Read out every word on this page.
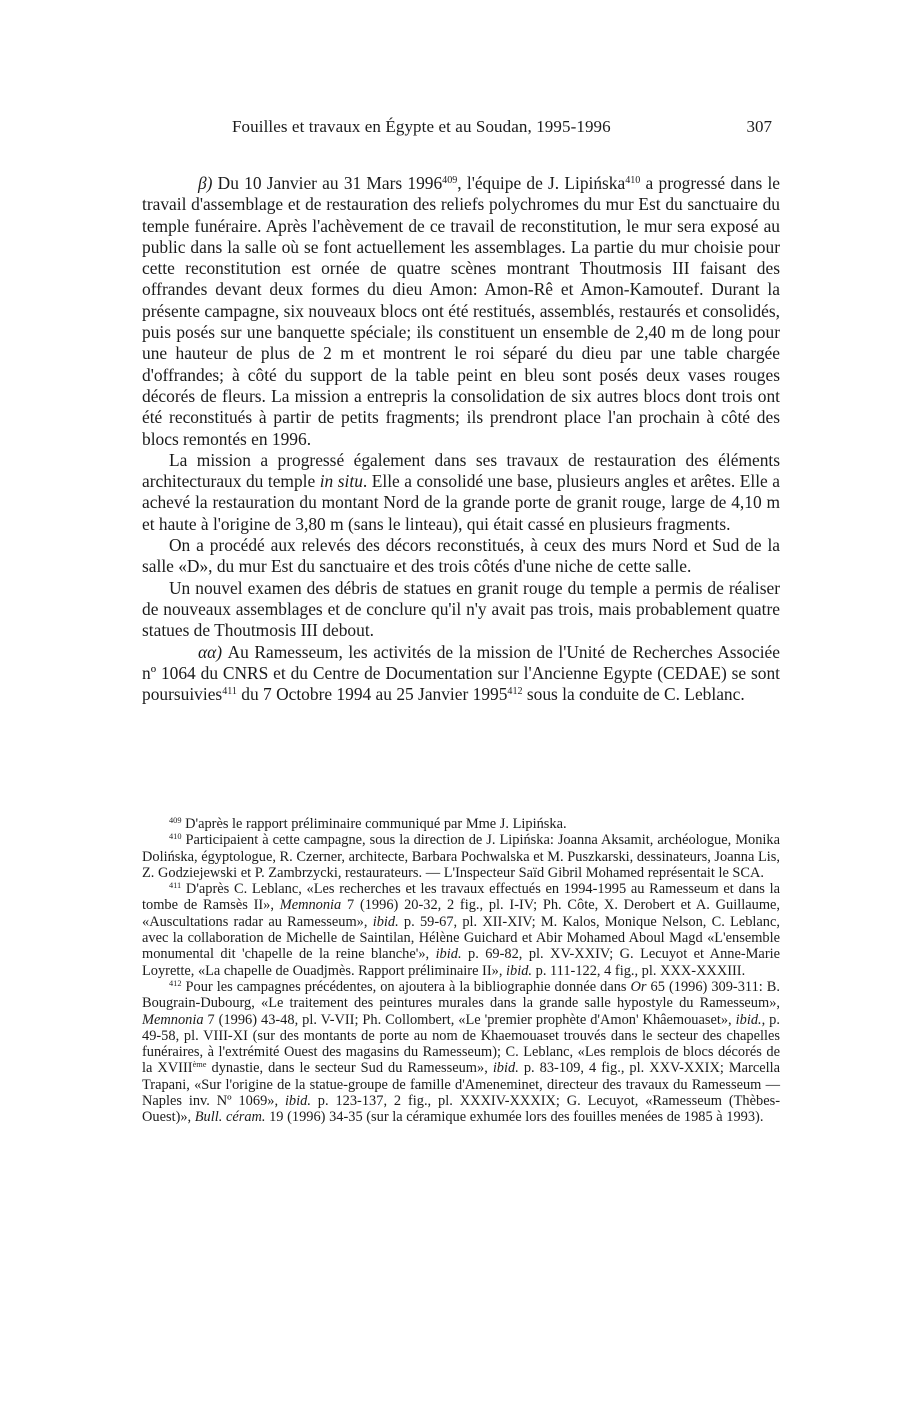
Fouilles et travaux en Égypte et au Soudan, 1995-1996	307

β) Du 10 Janvier au 31 Mars 1996$^{409}$, l'équipe de J. Lipińska$^{410}$ a progressé dans le travail d'assemblage et de restauration des reliefs polychromes du mur Est du sanctuaire du temple funéraire. Après l'achèvement de ce travail de reconstitution, le mur sera exposé au public dans la salle où se font actuellement les assemblages. La partie du mur choisie pour cette reconstitution est ornée de quatre scènes montrant Thoutmosis III faisant des offrandes devant deux formes du dieu Amon: Amon-Rê et Amon-Kamoutef. Durant la présente campagne, six nouveaux blocs ont été restitués, assemblés, restaurés et consolidés, puis posés sur une banquette spéciale; ils constituent un ensemble de 2,40 m de long pour une hauteur de plus de 2 m et montrent le roi séparé du dieu par une table chargée d'offrandes; à côté du support de la table peint en bleu sont posés deux vases rouges décorés de fleurs. La mission a entrepris la consolidation de six autres blocs dont trois ont été reconstitués à partir de petits fragments; ils prendront place l'an prochain à côté des blocs remontés en 1996.

La mission a progressé également dans ses travaux de restauration des éléments architecturaux du temple in situ. Elle a consolidé une base, plusieurs angles et arêtes. Elle a achevé la restauration du montant Nord de la grande porte de granit rouge, large de 4,10 m et haute à l'origine de 3,80 m (sans le linteau), qui était cassé en plusieurs fragments.

On a procédé aux relevés des décors reconstitués, à ceux des murs Nord et Sud de la salle «D», du mur Est du sanctuaire et des trois côtés d'une niche de cette salle.

Un nouvel examen des débris de statues en granit rouge du temple a permis de réaliser de nouveaux assemblages et de conclure qu'il n'y avait pas trois, mais probablement quatre statues de Thoutmosis III debout.

αα) Au Ramesseum, les activités de la mission de l'Unité de Recherches Associée nº 1064 du CNRS et du Centre de Documentation sur l'Ancienne Egypte (CEDAE) se sont poursuivies$^{411}$ du 7 Octobre 1994 au 25 Janvier 1995$^{412}$ sous la conduite de C. Leblanc.

$^{409}$ D'après le rapport préliminaire communiqué par Mme J. Lipińska.

$^{410}$ Participaient à cette campagne, sous la direction de J. Lipińska: Joanna Aksamit, archéologue, Monika Dolińska, égyptologue, R. Czerner, architecte, Barbara Pochwalska et M. Puszkarski, dessinateurs, Joanna Lis, Z. Godziejewski et P. Zambrzycki, restaurateurs. — L'Inspecteur Saïd Gibril Mohamed représentait le SCA.

$^{411}$ D'après C. Leblanc, «Les recherches et les travaux effectués en 1994-1995 au Ramesseum et dans la tombe de Ramsès II», Memnonia 7 (1996) 20-32, 2 fig., pl. I-IV; Ph. Côte, X. Derobert et A. Guillaume, «Auscultations radar au Ramesseum», ibid. p. 59-67, pl. XII-XIV; M. Kalos, Monique Nelson, C. Leblanc, avec la collaboration de Michelle de Saintilan, Hélène Guichard et Abir Mohamed Aboul Magd «L'ensemble monumental dit 'chapelle de la reine blanche'», ibid. p. 69-82, pl. XV-XXIV; G. Lecuyot et Anne-Marie Loyrette, «La chapelle de Ouadjmès. Rapport préliminaire II», ibid. p. 111-122, 4 fig., pl. XXX-XXXIII.

$^{412}$ Pour les campagnes précédentes, on ajoutera à la bibliographie donnée dans Or 65 (1996) 309-311: B. Bougrain-Dubourg, «Le traitement des peintures murales dans la grande salle hypostyle du Ramesseum», Memnonia 7 (1996) 43-48, pl. V-VII; Ph. Collombert, «Le 'premier prophète d'Amon' Khâemouaset», ibid., p. 49-58, pl. VIII-XI (sur des montants de porte au nom de Khaemouaset trouvés dans le secteur des chapelles funéraires, à l'extrémité Ouest des magasins du Ramesseum); C. Leblanc, «Les remplois de blocs décorés de la XVIIIème dynastie, dans le secteur Sud du Ramesseum», ibid. p. 83-109, 4 fig., pl. XXV-XXIX; Marcella Trapani, «Sur l'origine de la statue-groupe de famille d'Ameneminet, directeur des travaux du Ramesseum — Naples inv. Nº 1069», ibid. p. 123-137, 2 fig., pl. XXXIV-XXXIX; G. Lecuyot, «Ramesseum (Thèbes-Ouest)», Bull. céram. 19 (1996) 34-35 (sur la céramique exhumée lors des fouilles menées de 1985 à 1993).
